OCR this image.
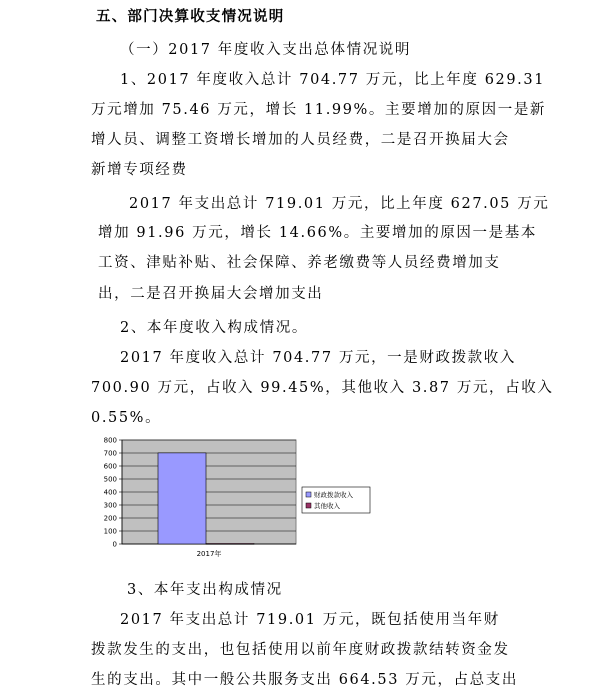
五、部门决算收支情况说明
（一）2017 年度收入支出总体情况说明
1、2017 年度收入总计 704.77 万元，比上年度 629.31
万元增加 75.46 万元，增长 11.99%。主要增加的原因一是新
增人员、调整工资增长增加的人员经费，二是召开换届大会
新增专项经费
2017 年支出总计 719.01 万元，比上年度 627.05 万元
增加 91.96 万元，增长 14.66%。主要增加的原因一是基本
工资、津贴补贴、社会保障、养老缴费等人员经费增加支
出，二是召开换届大会增加支出
2、本年度收入构成情况。
2017 年度收入总计 704.77 万元，一是财政拨款收入
700.90 万元，占收入 99.45%，其他收入 3.87 万元，占收入
0.55%。
0
100
200
300
400
500
600
700
800
2017年
财政拨款收入
其他收入
3、本年支出构成情况
2017 年支出总计 719.01 万元，既包括使用当年财
拨款发生的支出，也包括使用以前年度财政拨款结转资金发
生的支出。其中一般公共服务支出 664.53 万元，占总支出
